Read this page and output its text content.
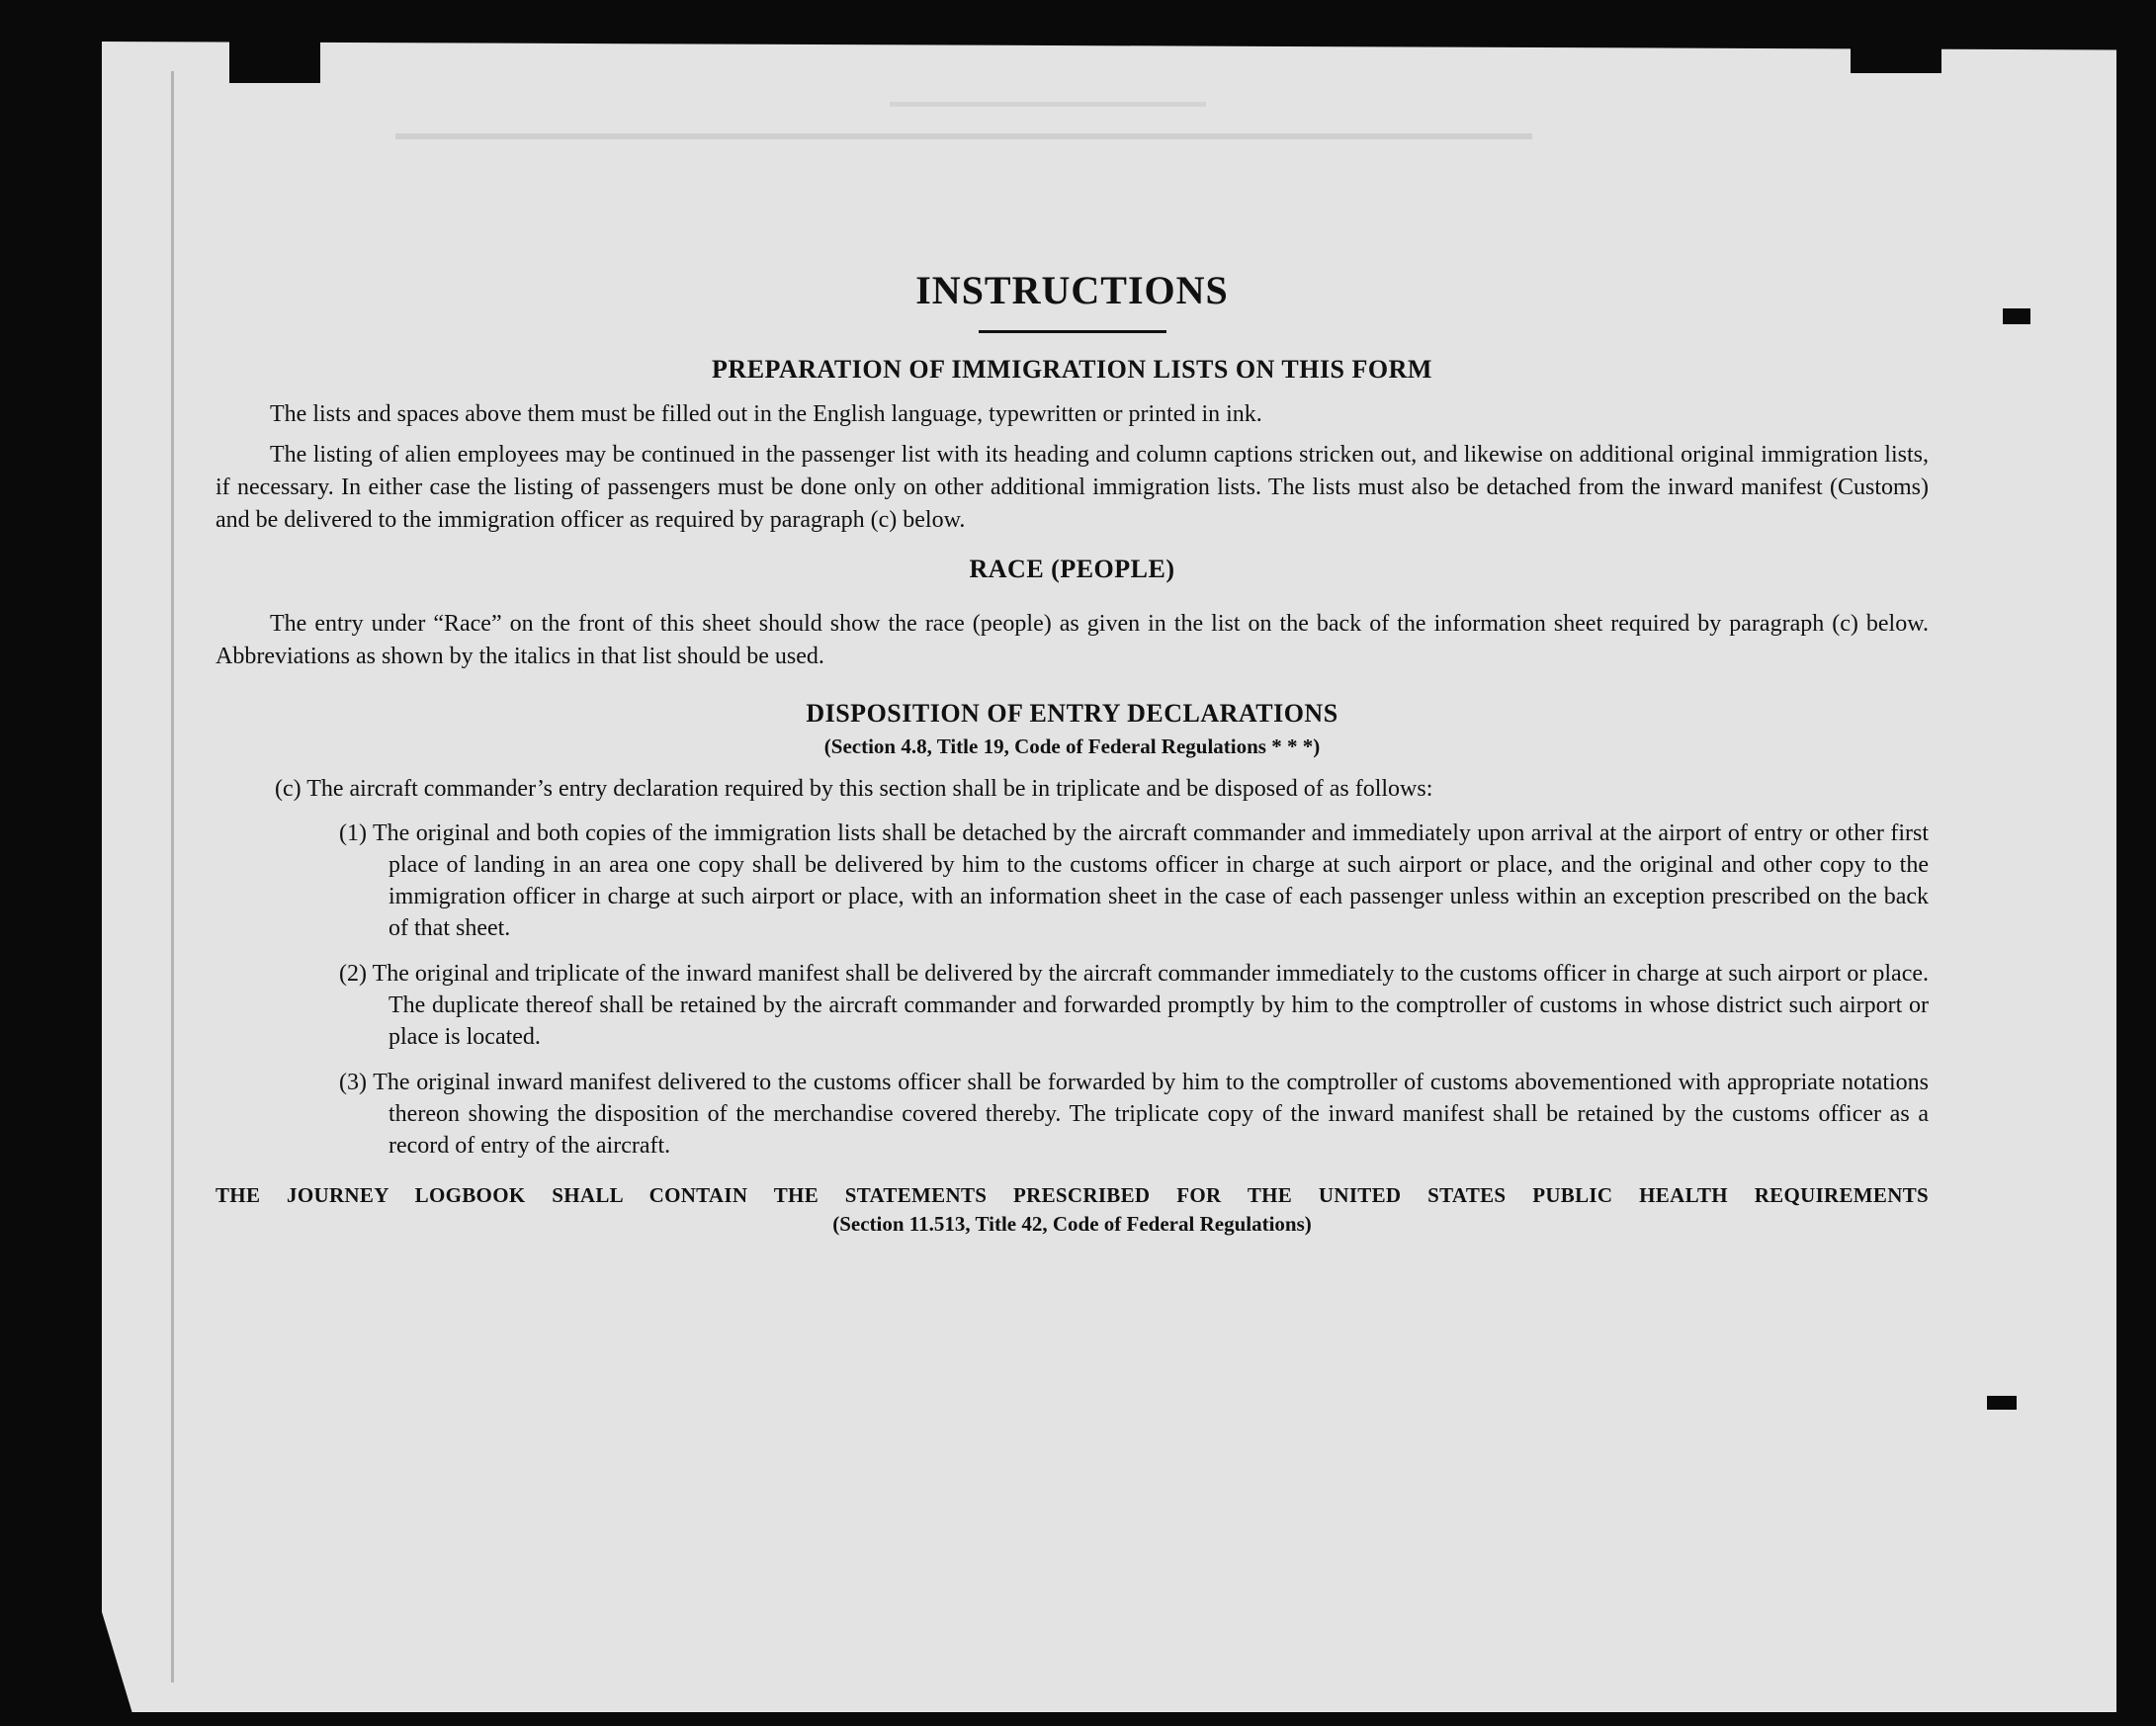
INSTRUCTIONS
PREPARATION OF IMMIGRATION LISTS ON THIS FORM

The lists and spaces above them must be filled out in the English language, typewritten or printed in ink.

The listing of alien employees may be continued in the passenger list with its heading and column captions stricken out, and likewise on additional original immigration lists, if necessary. In either case the listing of passengers must be done only on other additional immigration lists. The lists must also be detached from the inward manifest (Customs) and be delivered to the immigration officer as required by paragraph (c) below.

RACE (PEOPLE)

The entry under “Race” on the front of this sheet should show the race (people) as given in the list on the back of the information sheet required by paragraph (c) below. Abbreviations as shown by the italics in that list should be used.

DISPOSITION OF ENTRY DECLARATIONS

(Section 4.8, Title 19, Code of Federal Regulations * * *)

(c) The aircraft commander’s entry declaration required by this section shall be in triplicate and be disposed of as follows:

(1) The original and both copies of the immigration lists shall be detached by the aircraft commander and immediately upon arrival at the airport of entry or other first place of landing in an area one copy shall be delivered by him to the customs officer in charge at such airport or place, and the original and other copy to the immigration officer in charge at such airport or place, with an information sheet in the case of each passenger unless within an exception prescribed on the back of that sheet.

(2) The original and triplicate of the inward manifest shall be delivered by the aircraft commander immediately to the customs officer in charge at such airport or place. The duplicate thereof shall be retained by the aircraft commander and forwarded promptly by him to the comptroller of customs in whose district such airport or place is located.

(3) The original inward manifest delivered to the customs officer shall be forwarded by him to the comptroller of customs abovementioned with appropriate notations thereon showing the disposition of the merchandise covered thereby. The triplicate copy of the inward manifest shall be retained by the customs officer as a record of entry of the aircraft.

THE JOURNEY LOGBOOK SHALL CONTAIN THE STATEMENTS PRESCRIBED FOR THE UNITED STATES PUBLIC HEALTH REQUIREMENTS

(Section 11.513, Title 42, Code of Federal Regulations)
